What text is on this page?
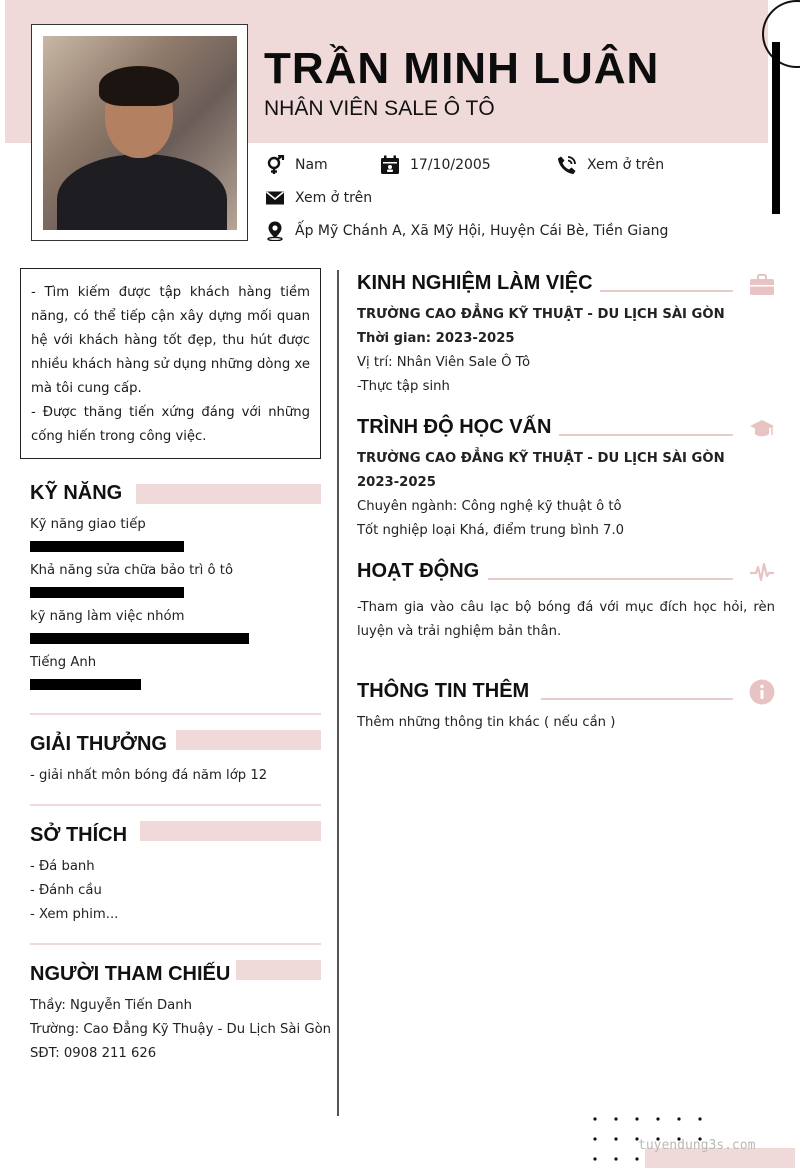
TRẦN MINH LUÂN
NHÂN VIÊN SALE Ô TÔ
Nam	17/10/2005	Xem ở trên
Xem ở trên
Ấp Mỹ Chánh A, Xã Mỹ Hội, Huyện Cái Bè, Tiền Giang
- Tìm kiếm được tập khách hàng tiềm năng, có thể tiếp cận xây dựng mối quan hệ với khách hàng tốt đẹp, thu hút được nhiều khách hàng sử dụng những dòng xe mà tôi cung cấp.
- Được thăng tiến xứng đáng với những cống hiến trong công việc.
KỸ NĂNG
Kỹ năng giao tiếp
Khả năng sửa chữa bảo trì ô tô
kỹ năng làm việc nhóm
Tiếng Anh
GIẢI THƯỞNG
- giải nhất môn bóng đá năm lớp 12
SỞ THÍCH
- Đá banh
- Đánh cầu
- Xem phim...
NGƯỜI THAM CHIẾU
Thầy: Nguyễn Tiến Danh
Trường: Cao Đẳng Kỹ Thuậy - Du Lịch Sài Gòn
SĐT: 0908 211 626
KINH NGHIỆM LÀM VIỆC
TRƯỜNG CAO ĐẲNG KỸ THUẬT - DU LỊCH SÀI GÒN
Thời gian: 2023-2025
Vị trí: Nhân Viên Sale Ô Tô
-Thực tập sinh
TRÌNH ĐỘ HỌC VẤN
TRƯỜNG CAO ĐẲNG KỸ THUẬT - DU LỊCH SÀI GÒN
2023-2025
Chuyên ngành: Công nghệ kỹ thuật ô tô
Tốt nghiệp loại Khá, điểm trung bình 7.0
HOẠT ĐỘNG
-Tham gia vào câu lạc bộ bóng đá với mục đích học hỏi, rèn luyện và trải nghiệm bản thân.
THÔNG TIN THÊM
Thêm những thông tin khác ( nếu cần )
tuyendung3s.com
